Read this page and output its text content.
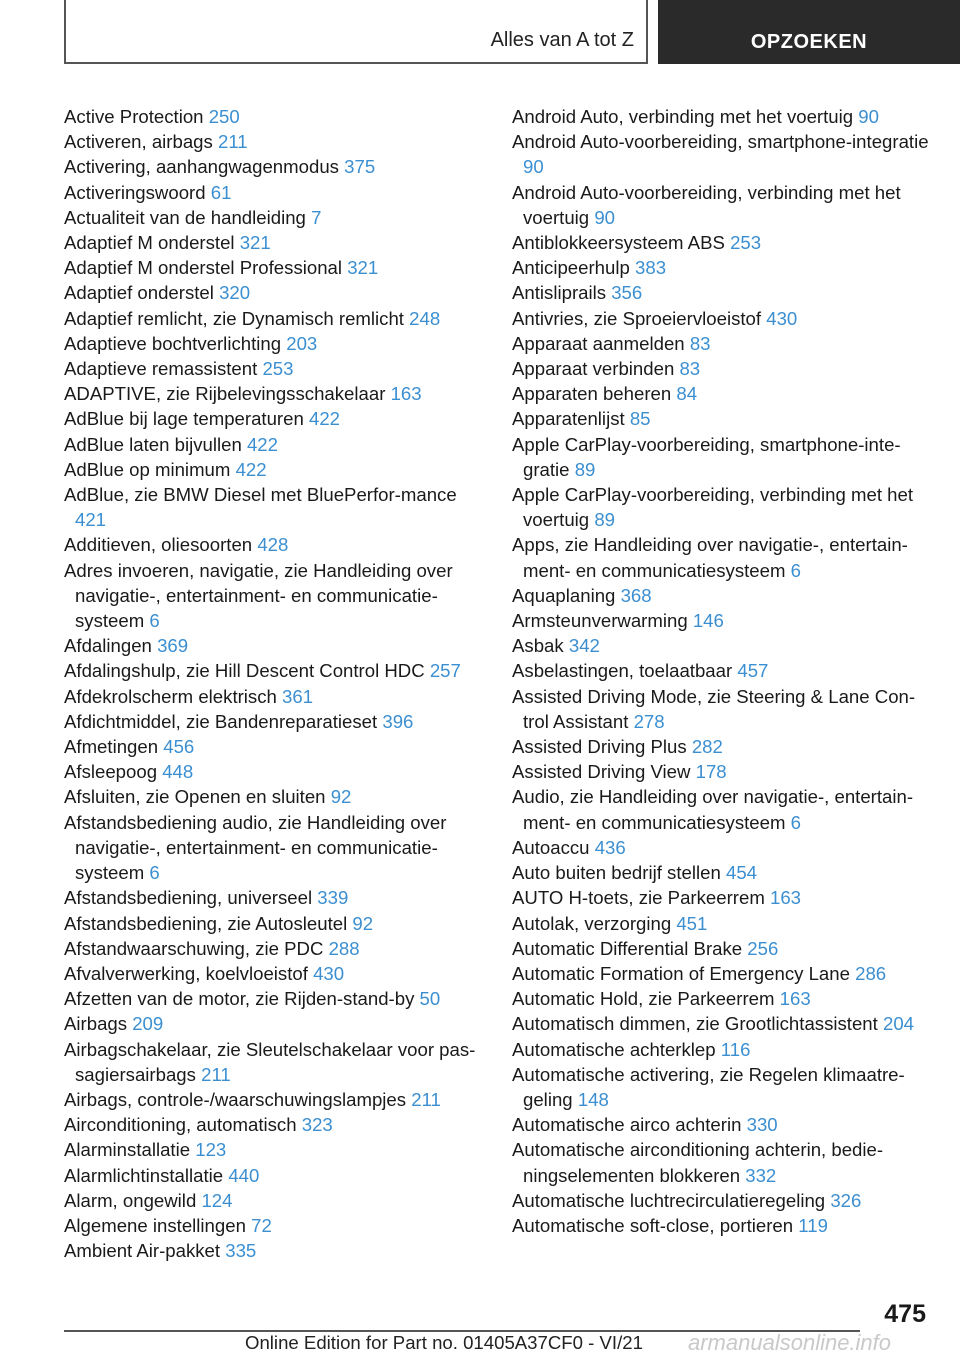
Alles van A tot Z	OPZOEKEN
Active Protection 250
Activeren, airbags 211
Activering, aanhangwagenmodus 375
Activeringswoord 61
Actualiteit van de handleiding 7
Adaptief M onderstel 321
Adaptief M onderstel Professional 321
Adaptief onderstel 320
Adaptief remlicht, zie Dynamisch remlicht 248
Adaptieve bochtverlichting 203
Adaptieve remassistent 253
ADAPTIVE, zie Rijbelevingsschakelaar 163
AdBlue bij lage temperaturen 422
AdBlue laten bijvullen 422
AdBlue op minimum 422
AdBlue, zie BMW Diesel met BluePerfor‑mance 421
Additieven, oliesoorten 428
Adres invoeren, navigatie, zie Handleiding over navigatie-, entertainment- en communicatiesysteem 6
Afdalingen 369
Afdalingshulp, zie Hill Descent Control HDC 257
Afdekrolscherm elektrisch 361
Afdichtmiddel, zie Bandenreparatieset 396
Afmetingen 456
Afsleepoog 448
Afsluiten, zie Openen en sluiten 92
Afstandsbediening audio, zie Handleiding over navigatie-, entertainment- en communicatiesysteem 6
Afstandsbediening, universeel 339
Afstandsbediening, zie Autosleutel 92
Afstandwaarschuwing, zie PDC 288
Afvalverwerking, koelvloeistof 430
Afzetten van de motor, zie Rijden-stand-by 50
Airbags 209
Airbagschakelaar, zie Sleutelschakelaar voor passagiersairbags 211
Airbags, controle-/waarschuwingslampjes 211
Airconditioning, automatisch 323
Alarminstallatie 123
Alarmlichtinstallatie 440
Alarm, ongewild 124
Algemene instellingen 72
Ambient Air-pakket 335
Android Auto, verbinding met het voertuig 90
Android Auto-voorbereiding, smartphone-integratie 90
Android Auto-voorbereiding, verbinding met het voertuig 90
Antiblokkeersysteem ABS 253
Anticipeerhulp 383
Antisliprails 356
Antivries, zie Sproeiervloeistof 430
Apparaat aanmelden 83
Apparaat verbinden 83
Apparaten beheren 84
Apparatenlijst 85
Apple CarPlay-voorbereiding, smartphone-integratie 89
Apple CarPlay-voorbereiding, verbinding met het voertuig 89
Apps, zie Handleiding over navigatie-, entertainment- en communicatiesysteem 6
Aquaplaning 368
Armsteunverwarming 146
Asbak 342
Asbelastingen, toelaatbaar 457
Assisted Driving Mode, zie Steering & Lane Control Assistant 278
Assisted Driving Plus 282
Assisted Driving View 178
Audio, zie Handleiding over navigatie-, entertainment- en communicatiesysteem 6
Autoaccu 436
Auto buiten bedrijf stellen 454
AUTO H-toets, zie Parkeerrem 163
Autolak, verzorging 451
Automatic Differential Brake 256
Automatic Formation of Emergency Lane 286
Automatic Hold, zie Parkeerrem 163
Automatisch dimmen, zie Grootlichtassistent 204
Automatische achterklep 116
Automatische activering, zie Regelen klimaatregeling 148
Automatische airco achterin 330
Automatische airconditioning achterin, bedieningselementen blokkeren 332
Automatische luchtrecirculatieregeling 326
Automatische soft-close, portieren 119
475
Online Edition for Part no. 01405A37CF0 - VI/21 armanualsonline.info
